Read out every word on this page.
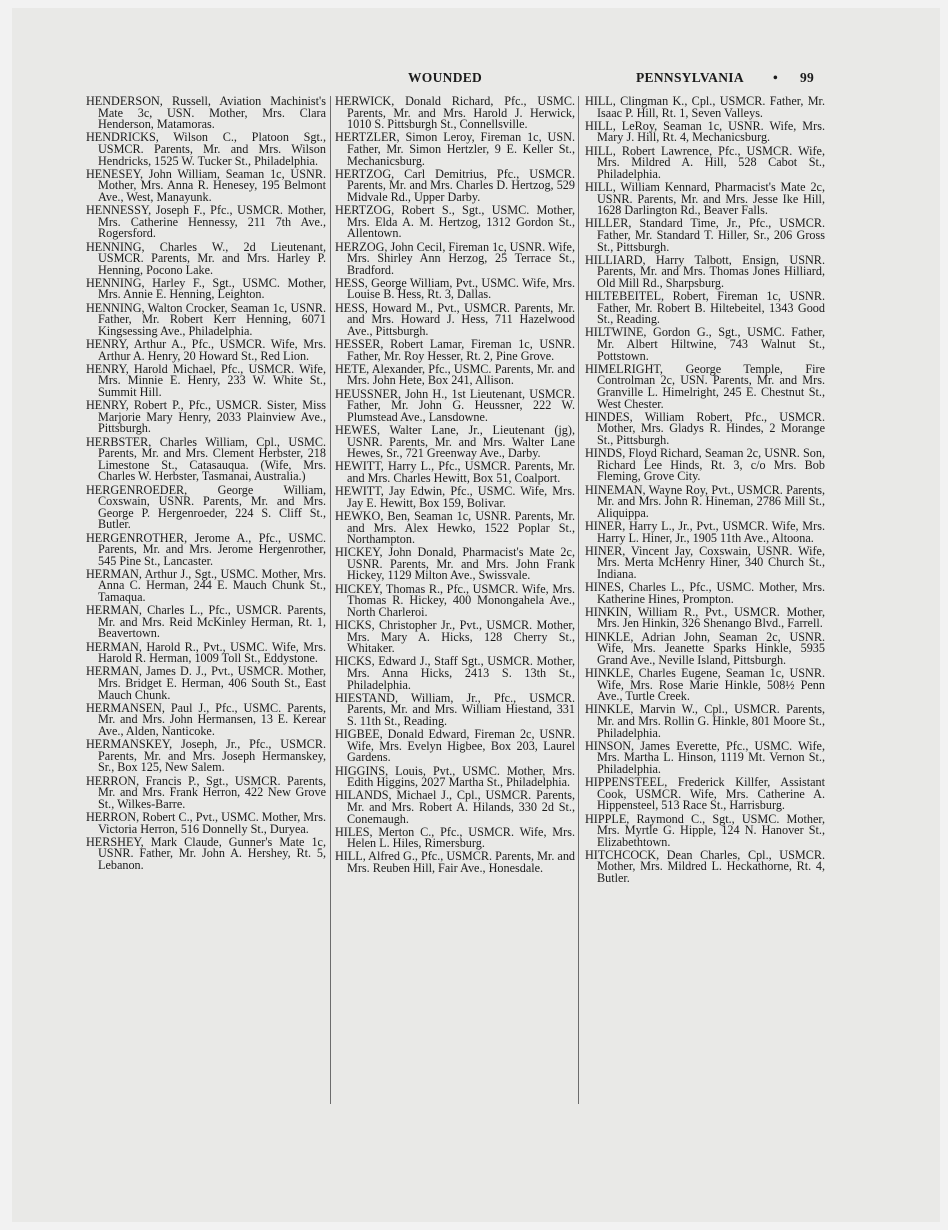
WOUNDED	PENNSYLVANIA • 99

HENDERSON, Russell, Aviation Machinist's Mate 3c, USN. Mother, Mrs. Clara Henderson, Matamoras.

HENDRICKS, Wilson C., Platoon Sgt., USMCR. Parents, Mr. and Mrs. Wilson Hendricks, 1525 W. Tucker St., Philadelphia.

HENESEY, John William, Seaman 1c, USNR. Mother, Mrs. Anna R. Henesey, 195 Belmont Ave., West, Manayunk.

HENNESSY, Joseph F., Pfc., USMCR. Mother, Mrs. Catherine Hennessy, 211 7th Ave., Rogersford.

HENNING, Charles W., 2d Lieutenant, USMCR. Parents, Mr. and Mrs. Harley P. Henning, Pocono Lake.

HENNING, Harley F., Sgt., USMC. Mother, Mrs. Annie E. Henning, Leighton.

HENNING, Walton Crocker, Seaman 1c, USNR. Father, Mr. Robert Kerr Henning, 6071 Kingsessing Ave., Philadelphia.

HENRY, Arthur A., Pfc., USMCR. Wife, Mrs. Arthur A. Henry, 20 Howard St., Red Lion.

HENRY, Harold Michael, Pfc., USMCR. Wife, Mrs. Minnie E. Henry, 233 W. White St., Summit Hill.

HENRY, Robert P., Pfc., USMCR. Sister, Miss Marjorie Mary Henry, 2033 Plainview Ave., Pittsburgh.

HERBSTER, Charles William, Cpl., USMC. Parents, Mr. and Mrs. Clement Herbster, 218 Limestone St., Catasauqua. (Wife, Mrs. Charles W. Herbster, Tasmanai, Australia.)

HERGENROEDER, George William, Coxswain, USNR. Parents, Mr. and Mrs. George P. Hergenroeder, 224 S. Cliff St., Butler.

HERGENROTHER, Jerome A., Pfc., USMC. Parents, Mr. and Mrs. Jerome Hergenrother, 545 Pine St., Lancaster.

HERMAN, Arthur J., Sgt., USMC. Mother, Mrs. Anna C. Herman, 244 E. Mauch Chunk St., Tamaqua.

HERMAN, Charles L., Pfc., USMCR. Parents, Mr. and Mrs. Reid McKinley Herman, Rt. 1, Beavertown.

HERMAN, Harold R., Pvt., USMC. Wife, Mrs. Harold R. Herman, 1009 Toll St., Eddystone.

HERMAN, James D. J., Pvt., USMCR. Mother, Mrs. Bridget E. Herman, 406 South St., East Mauch Chunk.

HERMANSEN, Paul J., Pfc., USMC. Parents, Mr. and Mrs. John Hermansen, 13 E. Kerear Ave., Alden, Nanticoke.

HERMANSKEY, Joseph, Jr., Pfc., USMCR. Parents, Mr. and Mrs. Joseph Hermanskey, Sr., Box 125, New Salem.

HERRON, Francis P., Sgt., USMCR. Parents, Mr. and Mrs. Frank Herron, 422 New Grove St., Wilkes-Barre.

HERRON, Robert C., Pvt., USMC. Mother, Mrs. Victoria Herron, 516 Donnelly St., Duryea.

HERSHEY, Mark Claude, Gunner's Mate 1c, USNR. Father, Mr. John A. Hershey, Rt. 5, Lebanon.

HERWICK, Donald Richard, Pfc., USMC. Parents, Mr. and Mrs. Harold J. Herwick, 1010 S. Pittsburgh St., Connellsville.

HERTZLER, Simon Leroy, Fireman 1c, USN. Father, Mr. Simon Hertzler, 9 E. Keller St., Mechanicsburg.

HERTZOG, Carl Demitrius, Pfc., USMCR. Parents, Mr. and Mrs. Charles D. Hertzog, 529 Midvale Rd., Upper Darby.

HERTZOG, Robert S., Sgt., USMC. Mother, Mrs. Elda A. M. Hertzog, 1312 Gordon St., Allentown.

HERZOG, John Cecil, Fireman 1c, USNR. Wife, Mrs. Shirley Ann Herzog, 25 Terrace St., Bradford.

HESS, George William, Pvt., USMC. Wife, Mrs. Louise B. Hess, Rt. 3, Dallas.

HESS, Howard M., Pvt., USMCR. Parents, Mr. and Mrs. Howard J. Hess, 711 Hazelwood Ave., Pittsburgh.

HESSER, Robert Lamar, Fireman 1c, USNR. Father, Mr. Roy Hesser, Rt. 2, Pine Grove.

HETE, Alexander, Pfc., USMC. Parents, Mr. and Mrs. John Hete, Box 241, Allison.

HEUSSNER, John H., 1st Lieutenant, USMCR. Father, Mr. John G. Heussner, 222 W. Plumstead Ave., Lansdowne.

HEWES, Walter Lane, Jr., Lieutenant (jg), USNR. Parents, Mr. and Mrs. Walter Lane Hewes, Sr., 721 Greenway Ave., Darby.

HEWITT, Harry L., Pfc., USMCR. Parents, Mr. and Mrs. Charles Hewitt, Box 51, Coalport.

HEWITT, Jay Edwin, Pfc., USMC. Wife, Mrs. Jay E. Hewitt, Box 159, Bolivar.

HEWKO, Ben, Seaman 1c, USNR. Parents, Mr. and Mrs. Alex Hewko, 1522 Poplar St., Northampton.

HICKEY, John Donald, Pharmacist's Mate 2c, USNR. Parents, Mr. and Mrs. John Frank Hickey, 1129 Milton Ave., Swissvale.

HICKEY, Thomas R., Pfc., USMCR. Wife, Mrs. Thomas R. Hickey, 400 Monongahela Ave., North Charleroi.

HICKS, Christopher Jr., Pvt., USMCR. Mother, Mrs. Mary A. Hicks, 128 Cherry St., Whitaker.

HICKS, Edward J., Staff Sgt., USMCR. Mother, Mrs. Anna Hicks, 2413 S. 13th St., Philadelphia.

HIESTAND, William, Jr., Pfc., USMCR. Parents, Mr. and Mrs. William Hiestand, 331 S. 11th St., Reading.

HIGBEE, Donald Edward, Fireman 2c, USNR. Wife, Mrs. Evelyn Higbee, Box 203, Laurel Gardens.

HIGGINS, Louis, Pvt., USMC. Mother, Mrs. Edith Higgins, 2027 Martha St., Philadelphia.

HILANDS, Michael J., Cpl., USMCR. Parents, Mr. and Mrs. Robert A. Hilands, 330 2d St., Conemaugh.

HILES, Merton C., Pfc., USMCR. Wife, Mrs. Helen L. Hiles, Rimersburg.

HILL, Alfred G., Pfc., USMCR. Parents, Mr. and Mrs. Reuben Hill, Fair Ave., Honesdale.

HILL, Clingman K., Cpl., USMCR. Father, Mr. Isaac P. Hill, Rt. 1, Seven Valleys.

HILL, LeRoy, Seaman 1c, USNR. Wife, Mrs. Mary J. Hill, Rt. 4, Mechanicsburg.

HILL, Robert Lawrence, Pfc., USMCR. Wife, Mrs. Mildred A. Hill, 528 Cabot St., Philadelphia.

HILL, William Kennard, Pharmacist's Mate 2c, USNR. Parents, Mr. and Mrs. Jesse Ike Hill, 1628 Darlington Rd., Beaver Falls.

HILLER, Standard Time, Jr., Pfc., USMCR. Father, Mr. Standard T. Hiller, Sr., 206 Gross St., Pittsburgh.

HILLIARD, Harry Talbott, Ensign, USNR. Parents, Mr. and Mrs. Thomas Jones Hilliard, Old Mill Rd., Sharpsburg.

HILTEBEITEL, Robert, Fireman 1c, USNR. Father, Mr. Robert B. Hiltebeitel, 1343 Good St., Reading.

HILTWINE, Gordon G., Sgt., USMC. Father, Mr. Albert Hiltwine, 743 Walnut St., Pottstown.

HIMELRIGHT, George Temple, Fire Controlman 2c, USN. Parents, Mr. and Mrs. Granville L. Himelright, 245 E. Chestnut St., West Chester.

HINDES, William Robert, Pfc., USMCR. Mother, Mrs. Gladys R. Hindes, 2 Morange St., Pittsburgh.

HINDS, Floyd Richard, Seaman 2c, USNR. Son, Richard Lee Hinds, Rt. 3, c/o Mrs. Bob Fleming, Grove City.

HINEMAN, Wayne Roy, Pvt., USMCR. Parents, Mr. and Mrs. John R. Hineman, 2786 Mill St., Aliquippa.

HINER, Harry L., Jr., Pvt., USMCR. Wife, Mrs. Harry L. Hiner, Jr., 1905 11th Ave., Altoona.

HINER, Vincent Jay, Coxswain, USNR. Wife, Mrs. Merta McHenry Hiner, 340 Church St., Indiana.

HINES, Charles L., Pfc., USMC. Mother, Mrs. Katherine Hines, Prompton.

HINKIN, William R., Pvt., USMCR. Mother, Mrs. Jen Hinkin, 326 Shenango Blvd., Farrell.

HINKLE, Adrian John, Seaman 2c, USNR. Wife, Mrs. Jeanette Sparks Hinkle, 5935 Grand Ave., Neville Island, Pittsburgh.

HINKLE, Charles Eugene, Seaman 1c, USNR. Wife, Mrs. Rose Marie Hinkle, 508½ Penn Ave., Turtle Creek.

HINKLE, Marvin W., Cpl., USMCR. Parents, Mr. and Mrs. Rollin G. Hinkle, 801 Moore St., Philadelphia.

HINSON, James Everette, Pfc., USMC. Wife, Mrs. Martha L. Hinson, 1119 Mt. Vernon St., Philadelphia.

HIPPENSTEEL, Frederick Killfer, Assistant Cook, USMCR. Wife, Mrs. Catherine A. Hippensteel, 513 Race St., Harrisburg.

HIPPLE, Raymond C., Sgt., USMC. Mother, Mrs. Myrtle G. Hipple, 124 N. Hanover St., Elizabethtown.

HITCHCOCK, Dean Charles, Cpl., USMCR. Mother, Mrs. Mildred L. Heckathorne, Rt. 4, Butler.
